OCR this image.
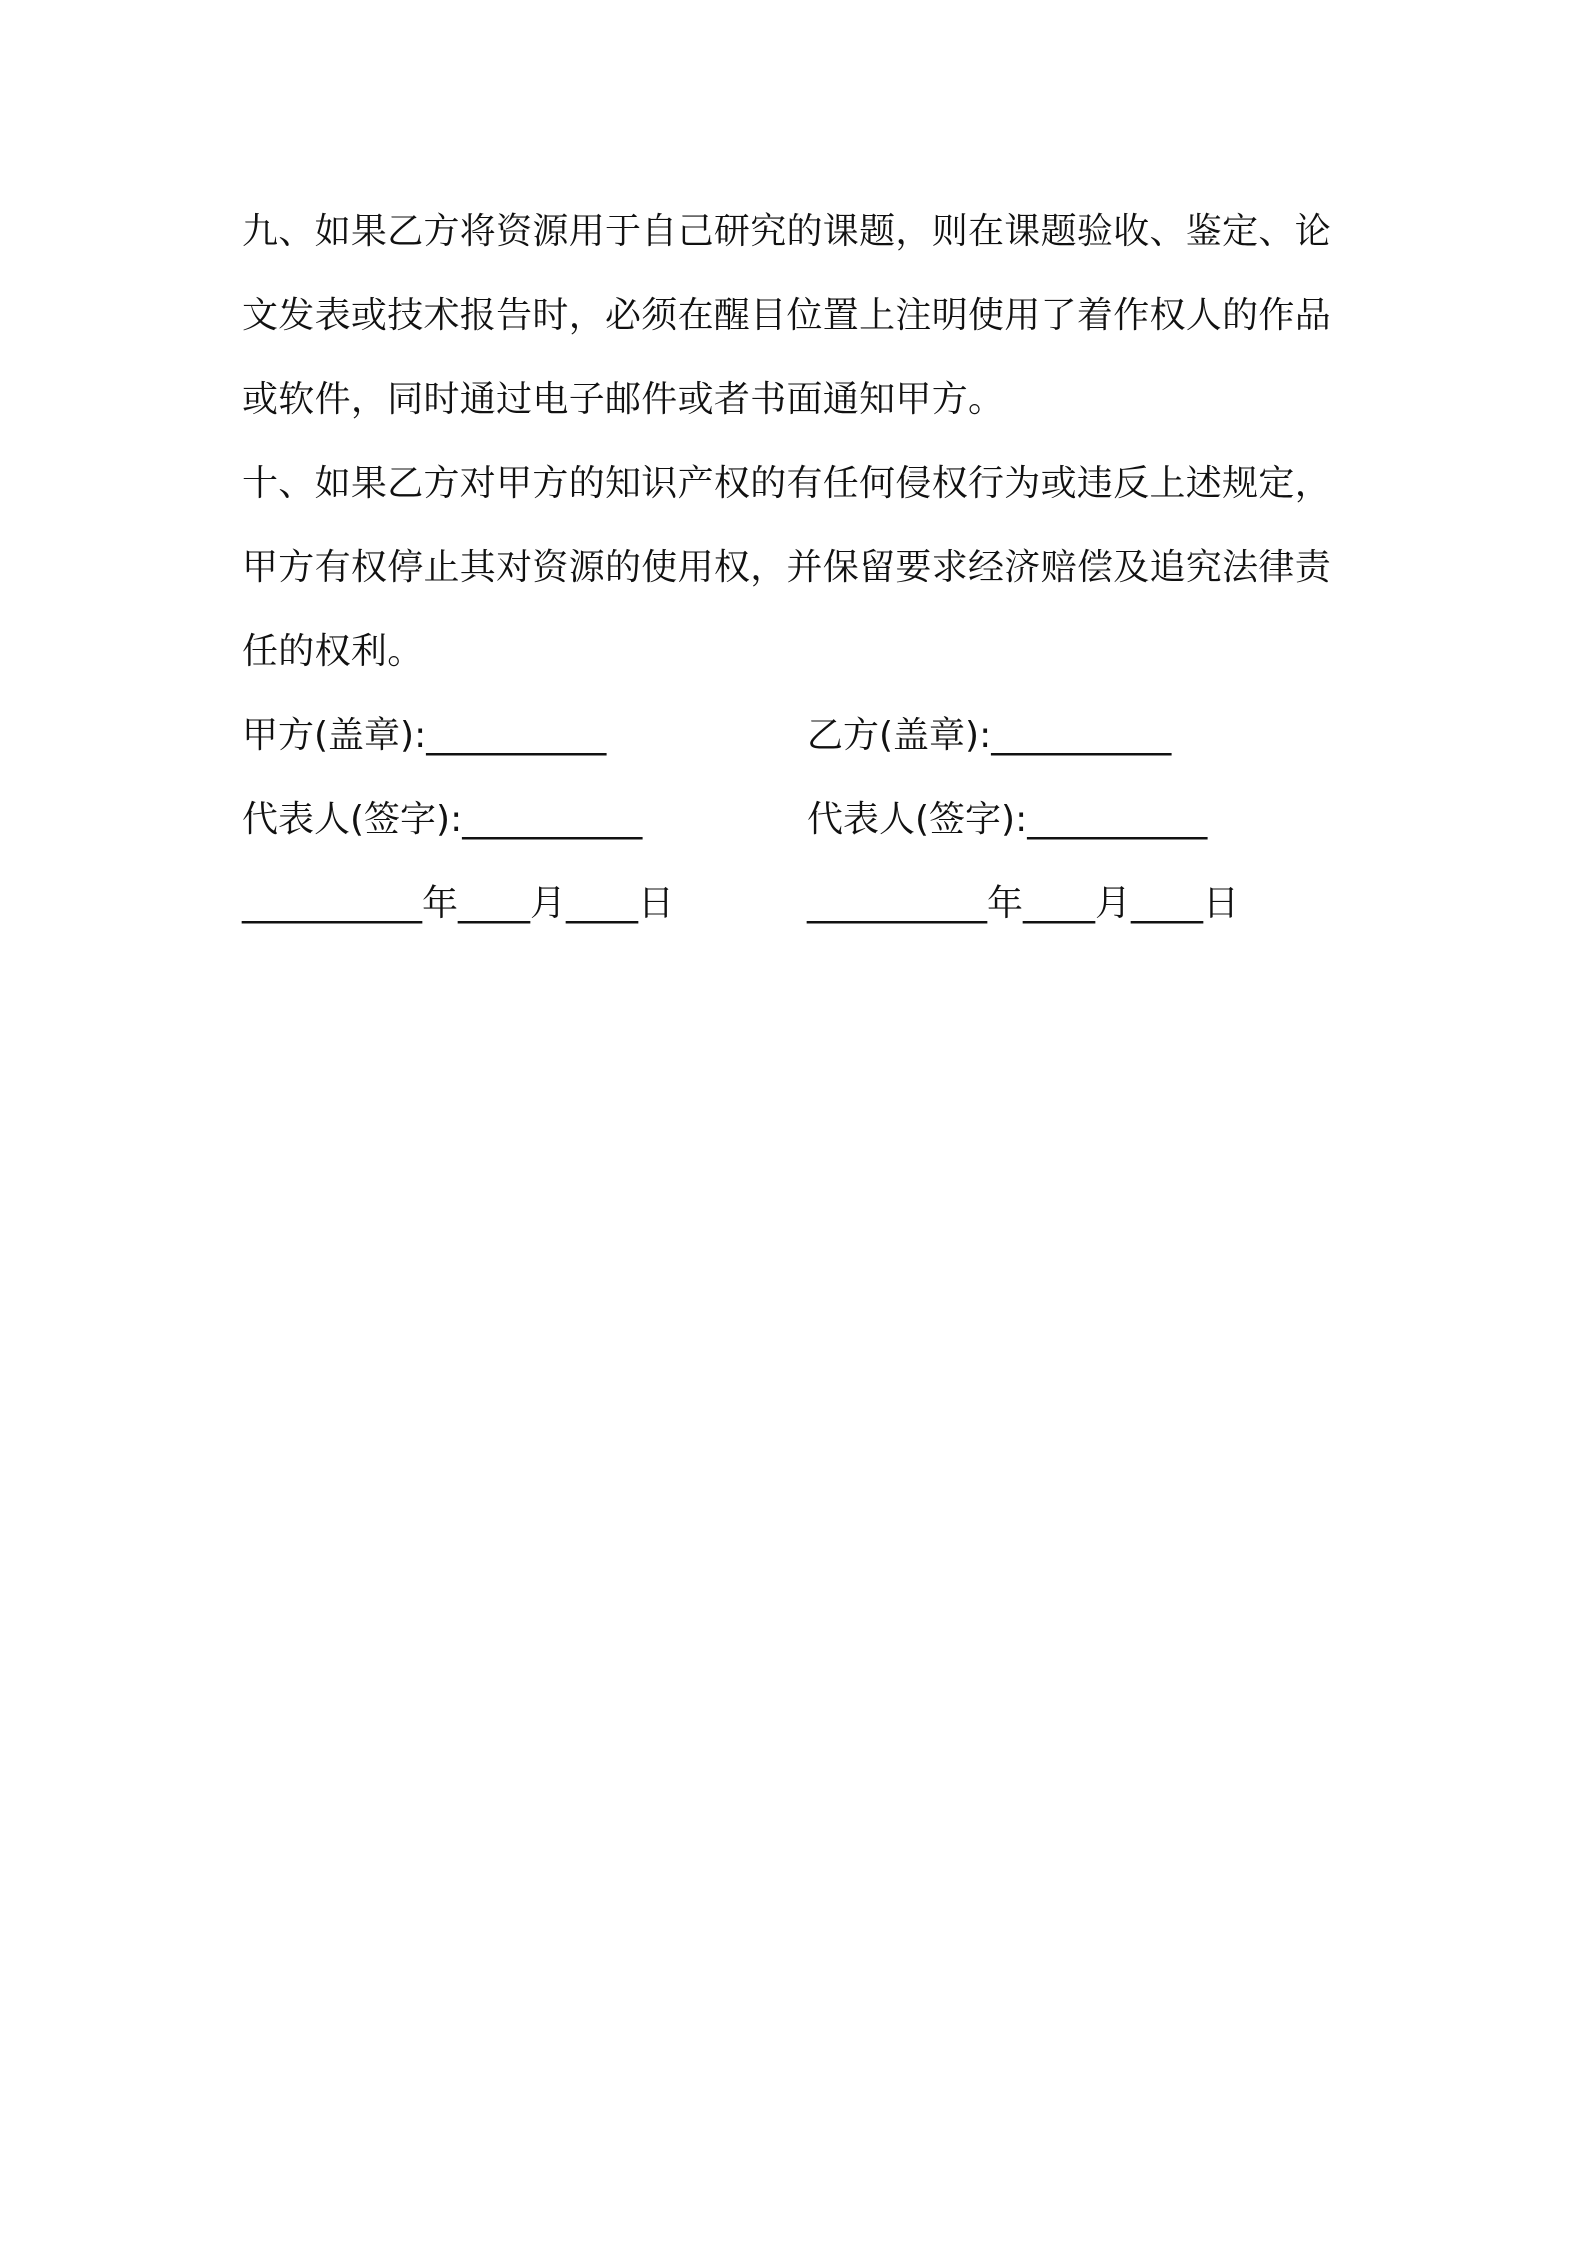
九、如果乙方将资源用于自己研究的课题，则在课题验收、鉴定、论
文发表或技术报告时，必须在醒目位置上注明使用了着作权人的作品
或软件，同时通过电子邮件或者书面通知甲方。
十、如果乙方对甲方的知识产权的有任何侵权行为或违反上述规定，
甲方有权停止其对资源的使用权，并保留要求经济赔偿及追究法律责
任的权利。
甲方(盖章):__________	乙方(盖章):__________
代表人(签字):__________	代表人(签字):__________
__________年____月____日	__________年____月____日
